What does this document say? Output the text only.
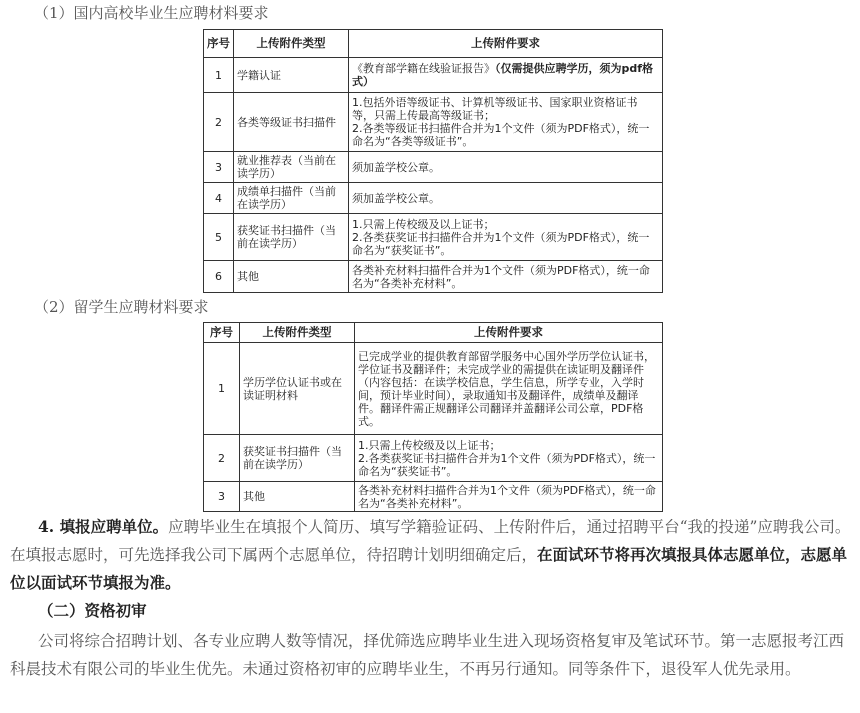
（1）国内高校毕业生应聘材料要求
序号	上传附件类型	上传附件要求
1	学籍认证	《教育部学籍在线验证报告》（仅需提供应聘学历，须为pdf格式）
2	各类等级证书扫描件	1.包括外语等级证书、计算机等级证书、国家职业资格证书等，只需上传最高等级证书；
2.各类等级证书扫描件合并为1个文件（须为PDF格式），统一命名为“各类等级证书”。
3	就业推荐表（当前在读学历）	须加盖学校公章。
4	成绩单扫描件（当前在读学历）	须加盖学校公章。
5	获奖证书扫描件（当前在读学历）	1.只需上传校级及以上证书；
2.各类获奖证书扫描件合并为1个文件（须为PDF格式），统一命名为“获奖证书”。
6	其他	各类补充材料扫描件合并为1个文件（须为PDF格式），统一命名为“各类补充材料”。
（2）留学生应聘材料要求
序号	上传附件类型	上传附件要求
1	学历学位认证书或在读证明材料	已完成学业的提供教育部留学服务中心国外学历学位认证书，学位证书及翻译件；未完成学业的需提供在读证明及翻译件（内容包括：在读学校信息，学生信息，所学专业，入学时间，预计毕业时间），录取通知书及翻译件，成绩单及翻译件。翻译件需正规翻译公司翻译并盖翻译公司公章，PDF格式。
2	获奖证书扫描件（当前在读学历）	1.只需上传校级及以上证书；
2.各类获奖证书扫描件合并为1个文件（须为PDF格式），统一命名为“获奖证书”。
3	其他	各类补充材料扫描件合并为1个文件（须为PDF格式），统一命名为“各类补充材料”。
4. 填报应聘单位。应聘毕业生在填报个人简历、填写学籍验证码、上传附件后，通过招聘平台“我的投递”应聘我公司。在填报志愿时，可先选择我公司下属两个志愿单位，待招聘计划明细确定后，在面试环节将再次填报具体志愿单位，志愿单位以面试环节填报为准。
（二）资格初审
公司将综合招聘计划、各专业应聘人数等情况，择优筛选应聘毕业生进入现场资格复审及笔试环节。第一志愿报考江西科晨技术有限公司的毕业生优先。未通过资格初审的应聘毕业生，不再另行通知。同等条件下，退役军人优先录用。
